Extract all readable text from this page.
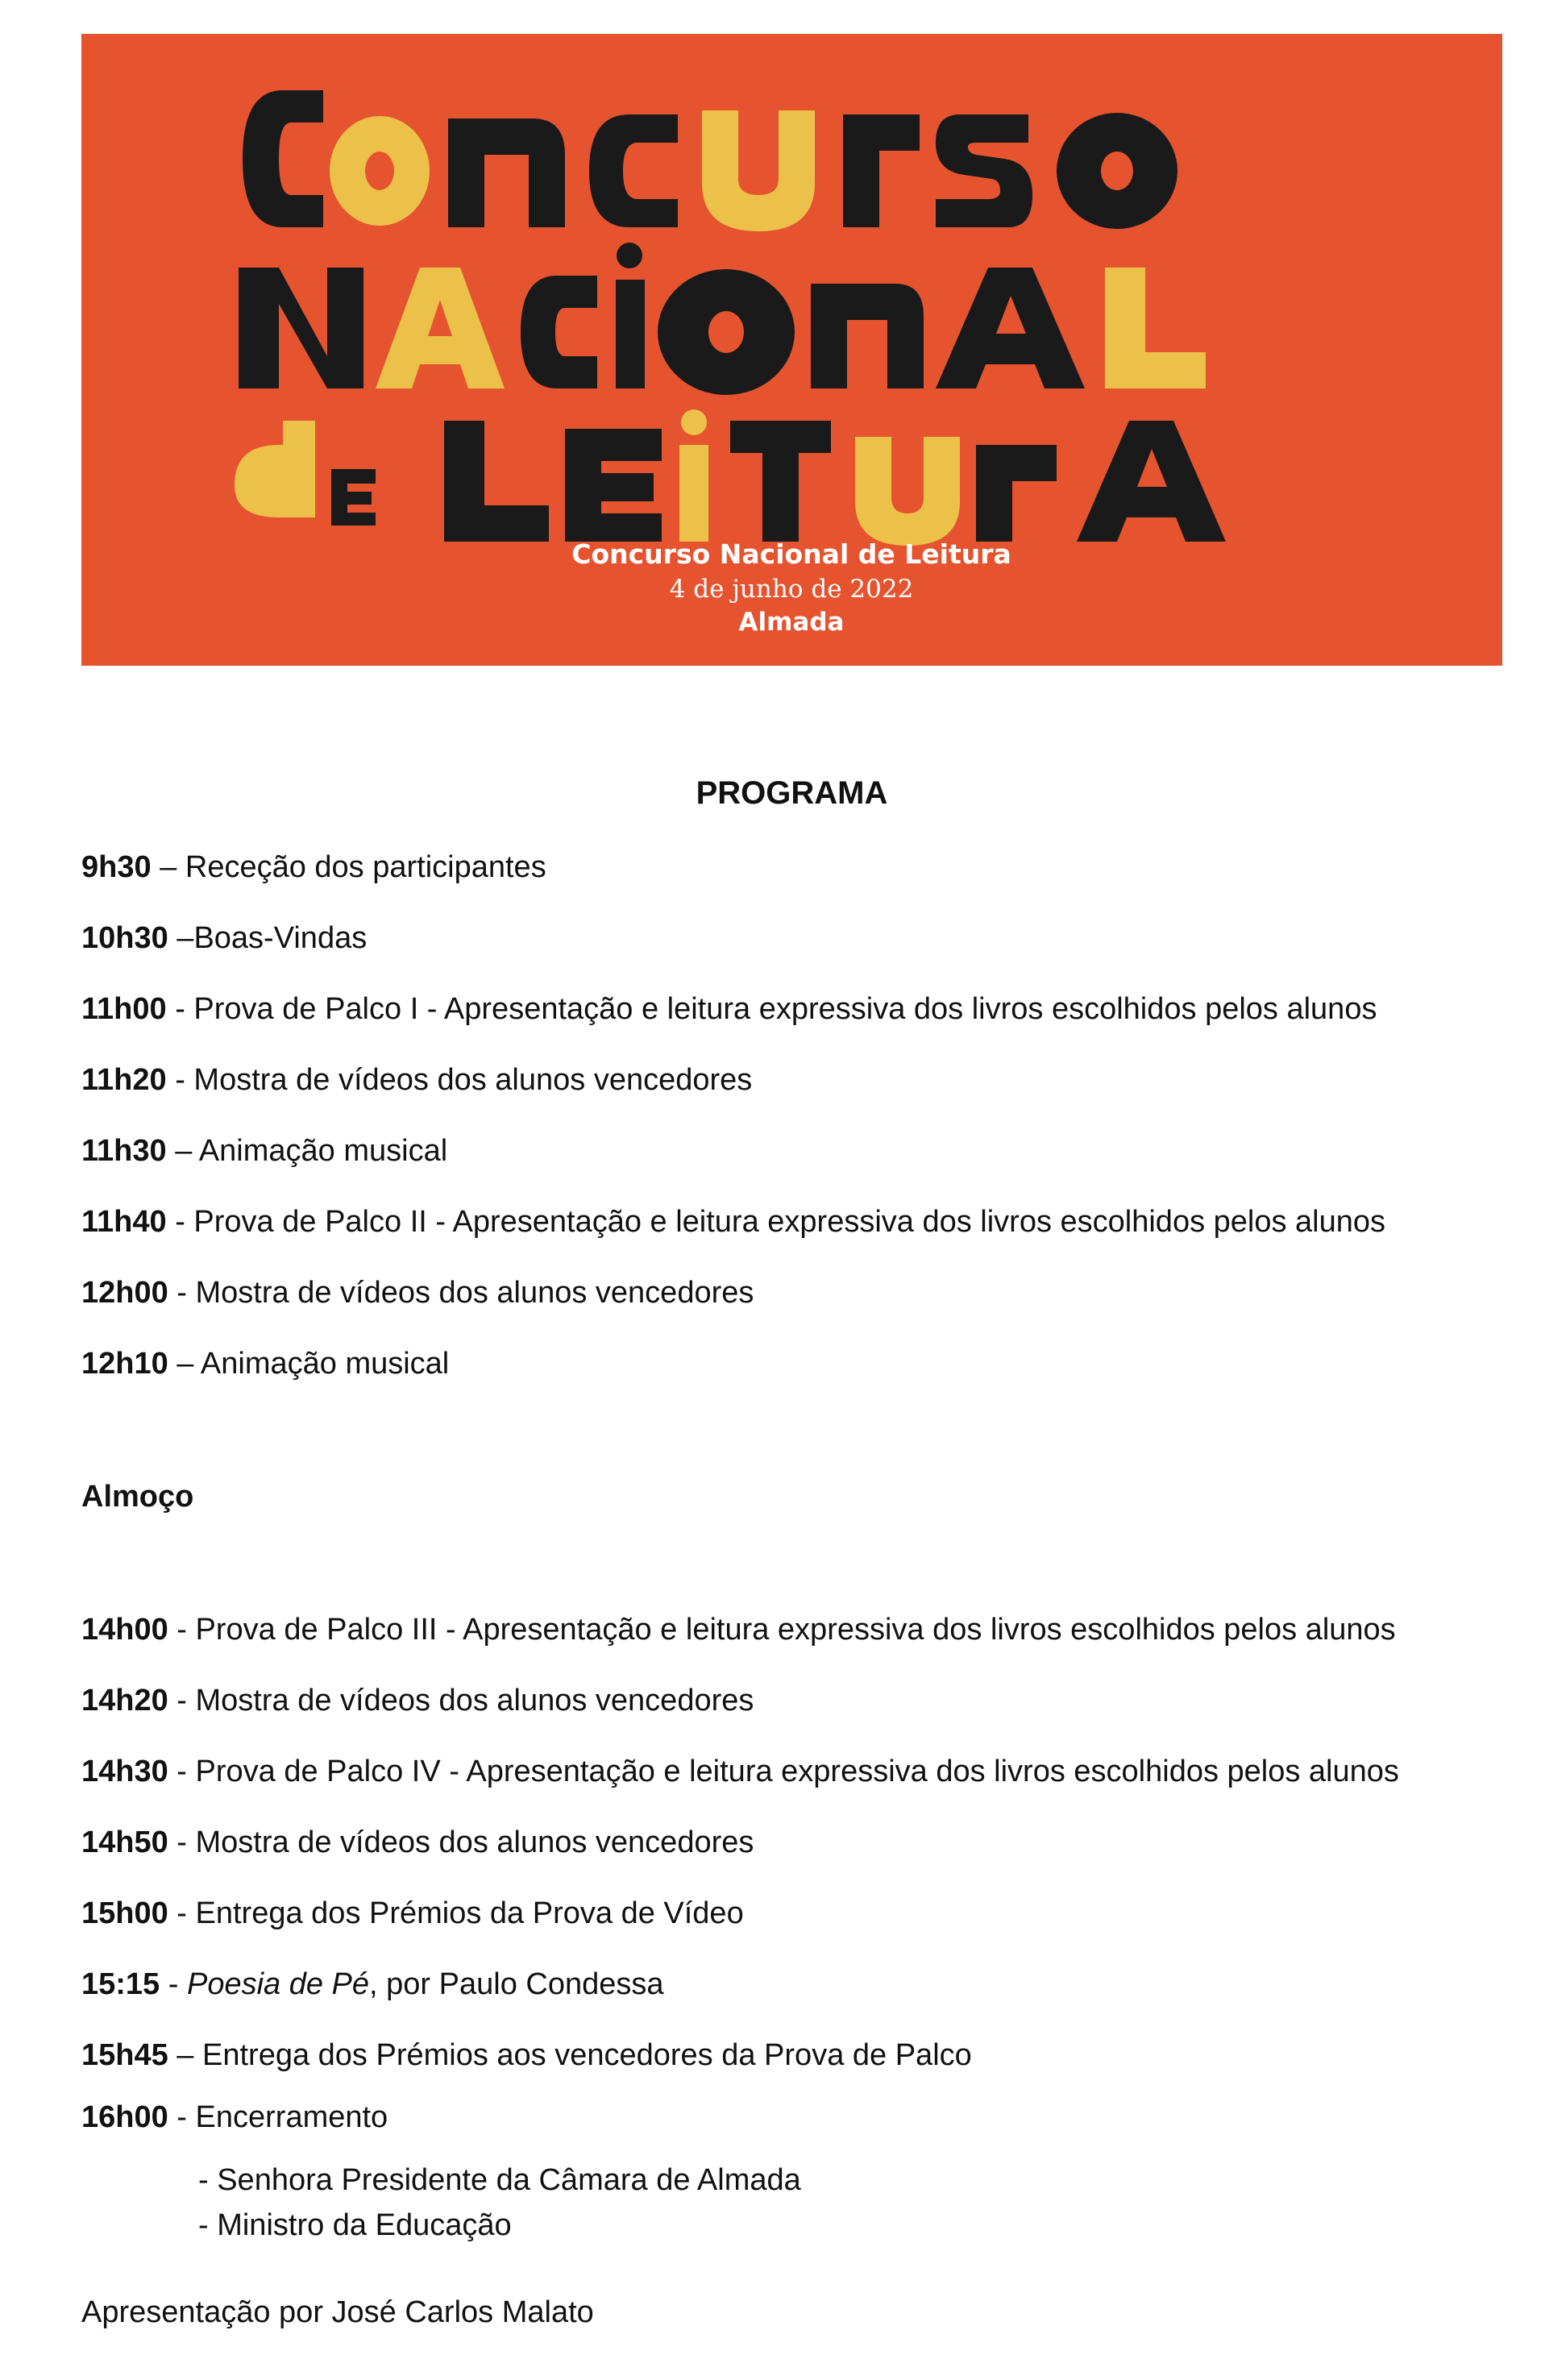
Concurso Nacional de Leitura
4 de junho de 2022
Almada
PROGRAMA
9h30 – Receção dos participantes
10h30 –Boas-Vindas
11h00 - Prova de Palco I - Apresentação e leitura expressiva dos livros escolhidos pelos alunos
11h20 - Mostra de vídeos dos alunos vencedores
11h30 – Animação musical
11h40 - Prova de Palco II - Apresentação e leitura expressiva dos livros escolhidos pelos alunos
12h00 - Mostra de vídeos dos alunos vencedores
12h10 – Animação musical
Almoço
14h00 - Prova de Palco III - Apresentação e leitura expressiva dos livros escolhidos pelos alunos
14h20 - Mostra de vídeos dos alunos vencedores
14h30 - Prova de Palco IV - Apresentação e leitura expressiva dos livros escolhidos pelos alunos
14h50 - Mostra de vídeos dos alunos vencedores
15h00 - Entrega dos Prémios da Prova de Vídeo
15:15 - Poesia de Pé, por Paulo Condessa
15h45 – Entrega dos Prémios aos vencedores da Prova de Palco
16h00 - Encerramento
- Senhora Presidente da Câmara de Almada
- Ministro da Educação
Apresentação por José Carlos Malato
